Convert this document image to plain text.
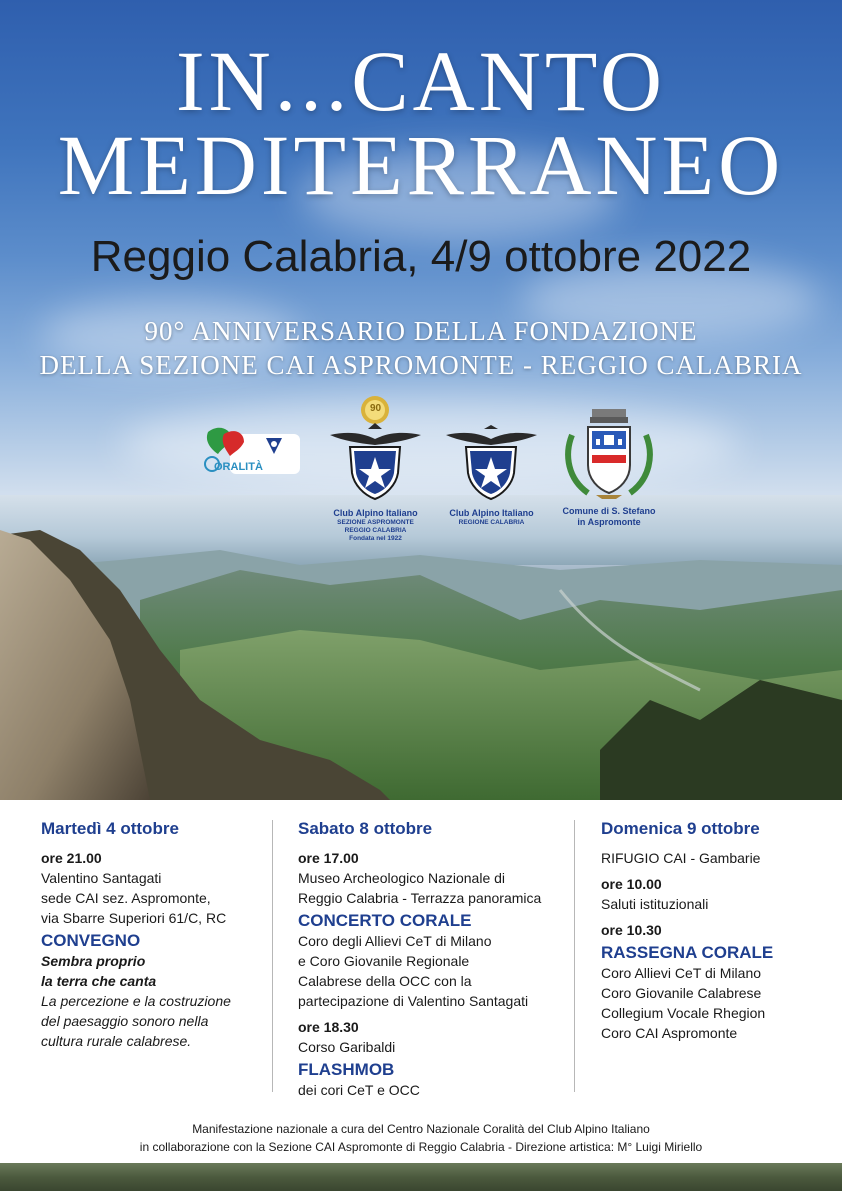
IN...CANTO
MEDITERRANEO
Reggio Calabria, 4/9 ottobre 2022
90° ANNIVERSARIO DELLA FONDAZIONE
DELLA SEZIONE CAI ASPROMONTE - REGGIO CALABRIA
ORALITÀ
90
Club Alpino Italiano
SEZIONE ASPROMONTE
REGGIO CALABRIA
Fondata nel 1922
Club Alpino Italiano
REGIONE CALABRIA
Comune di S. Stefano
in Aspromonte
Martedì 4 ottobre
ore 21.00
Valentino Santagati
sede CAI sez. Aspromonte,
via Sbarre Superiori 61/C, RC
CONVEGNO
Sembra proprio
la terra che canta
La percezione e la costruzione
del paesaggio sonoro nella
cultura rurale calabrese.
Sabato 8 ottobre
ore 17.00
Museo Archeologico Nazionale di
Reggio Calabria - Terrazza panoramica
CONCERTO CORALE
Coro degli Allievi CeT di Milano
e Coro Giovanile Regionale
Calabrese della OCC con la
partecipazione di Valentino Santagati
ore 18.30
Corso Garibaldi
FLASHMOB
dei cori CeT e OCC
Domenica 9 ottobre
RIFUGIO CAI - Gambarie
ore 10.00
Saluti istituzionali
ore 10.30
RASSEGNA CORALE
Coro Allievi CeT di Milano
Coro Giovanile Calabrese
Collegium Vocale Rhegion
Coro CAI Aspromonte
Manifestazione nazionale a cura del Centro Nazionale Coralità del Club Alpino Italiano
in collaborazione con la Sezione CAI Aspromonte di Reggio Calabria - Direzione artistica: M° Luigi Miriello
